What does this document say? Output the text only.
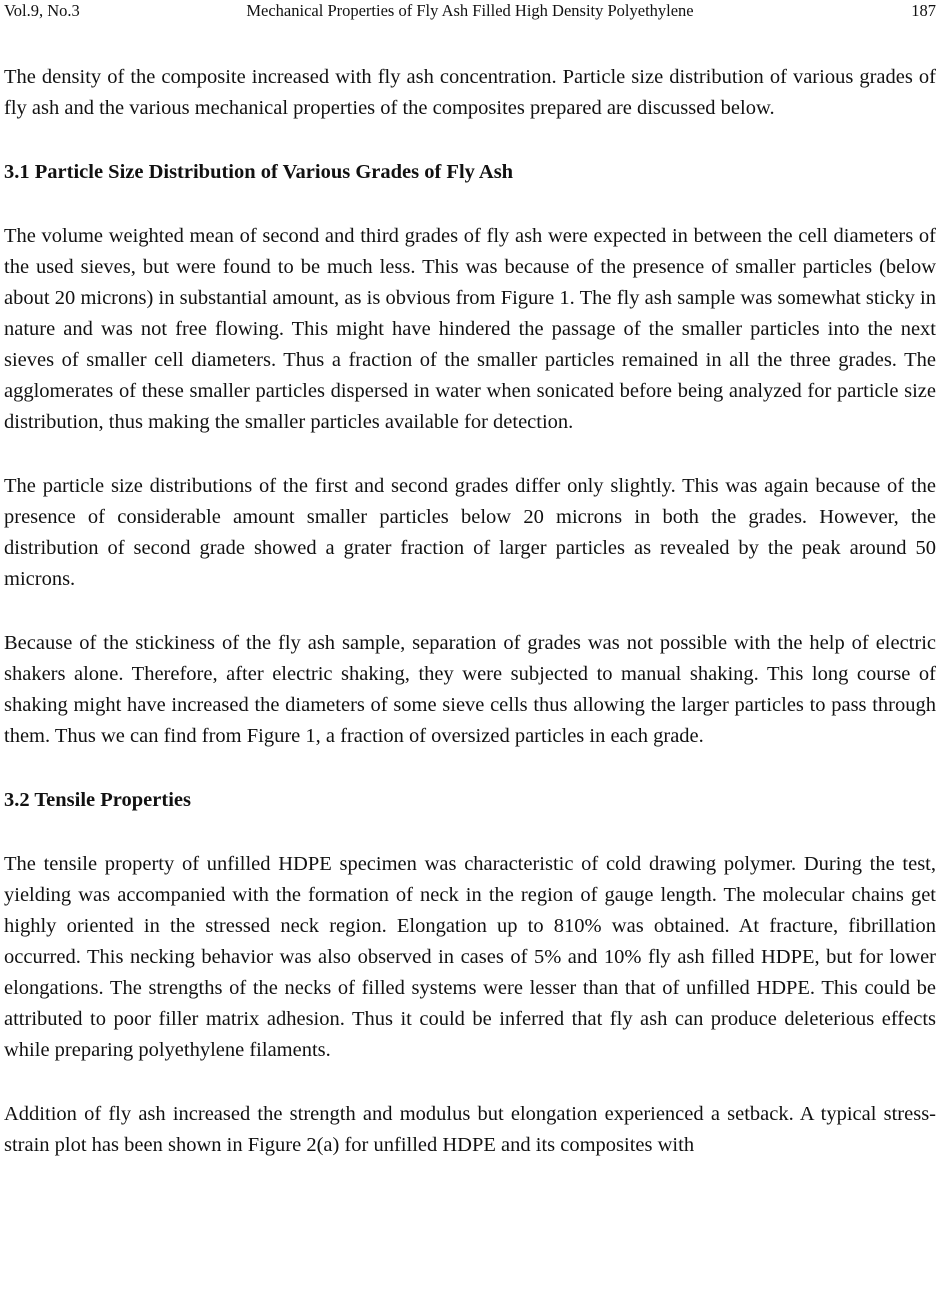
Vol.9, No.3	Mechanical Properties of Fly Ash Filled High Density Polyethylene	187

The density of the composite increased with fly ash concentration. Particle size distribution of various grades of fly ash and the various mechanical properties of the composites prepared are discussed below.

3.1 Particle Size Distribution of Various Grades of Fly Ash

The volume weighted mean of second and third grades of fly ash were expected in between the cell diameters of the used sieves, but were found to be much less. This was because of the presence of smaller particles (below about 20 microns) in substantial amount, as is obvious from Figure 1. The fly ash sample was somewhat sticky in nature and was not free flowing. This might have hindered the passage of the smaller particles into the next sieves of smaller cell diameters. Thus a fraction of the smaller particles remained in all the three grades. The agglomerates of these smaller particles dispersed in water when sonicated before being analyzed for particle size distribution, thus making the smaller particles available for detection.

The particle size distributions of the first and second grades differ only slightly. This was again because of the presence of considerable amount smaller particles below 20 microns in both the grades. However, the distribution of second grade showed a grater fraction of larger particles as revealed by the peak around 50 microns.

Because of the stickiness of the fly ash sample, separation of grades was not possible with the help of electric shakers alone. Therefore, after electric shaking, they were subjected to manual shaking. This long course of shaking might have increased the diameters of some sieve cells thus allowing the larger particles to pass through them. Thus we can find from Figure 1, a fraction of oversized particles in each grade.

3.2 Tensile Properties

The tensile property of unfilled HDPE specimen was characteristic of cold drawing polymer. During the test, yielding was accompanied with the formation of neck in the region of gauge length. The molecular chains get highly oriented in the stressed neck region. Elongation up to 810% was obtained. At fracture, fibrillation occurred. This necking behavior was also observed in cases of 5% and 10% fly ash filled HDPE, but for lower elongations. The strengths of the necks of filled systems were lesser than that of unfilled HDPE. This could be attributed to poor filler matrix adhesion. Thus it could be inferred that fly ash can produce deleterious effects while preparing polyethylene filaments.

Addition of fly ash increased the strength and modulus but elongation experienced a setback. A typical stress-strain plot has been shown in Figure 2(a) for unfilled HDPE and its composites with
